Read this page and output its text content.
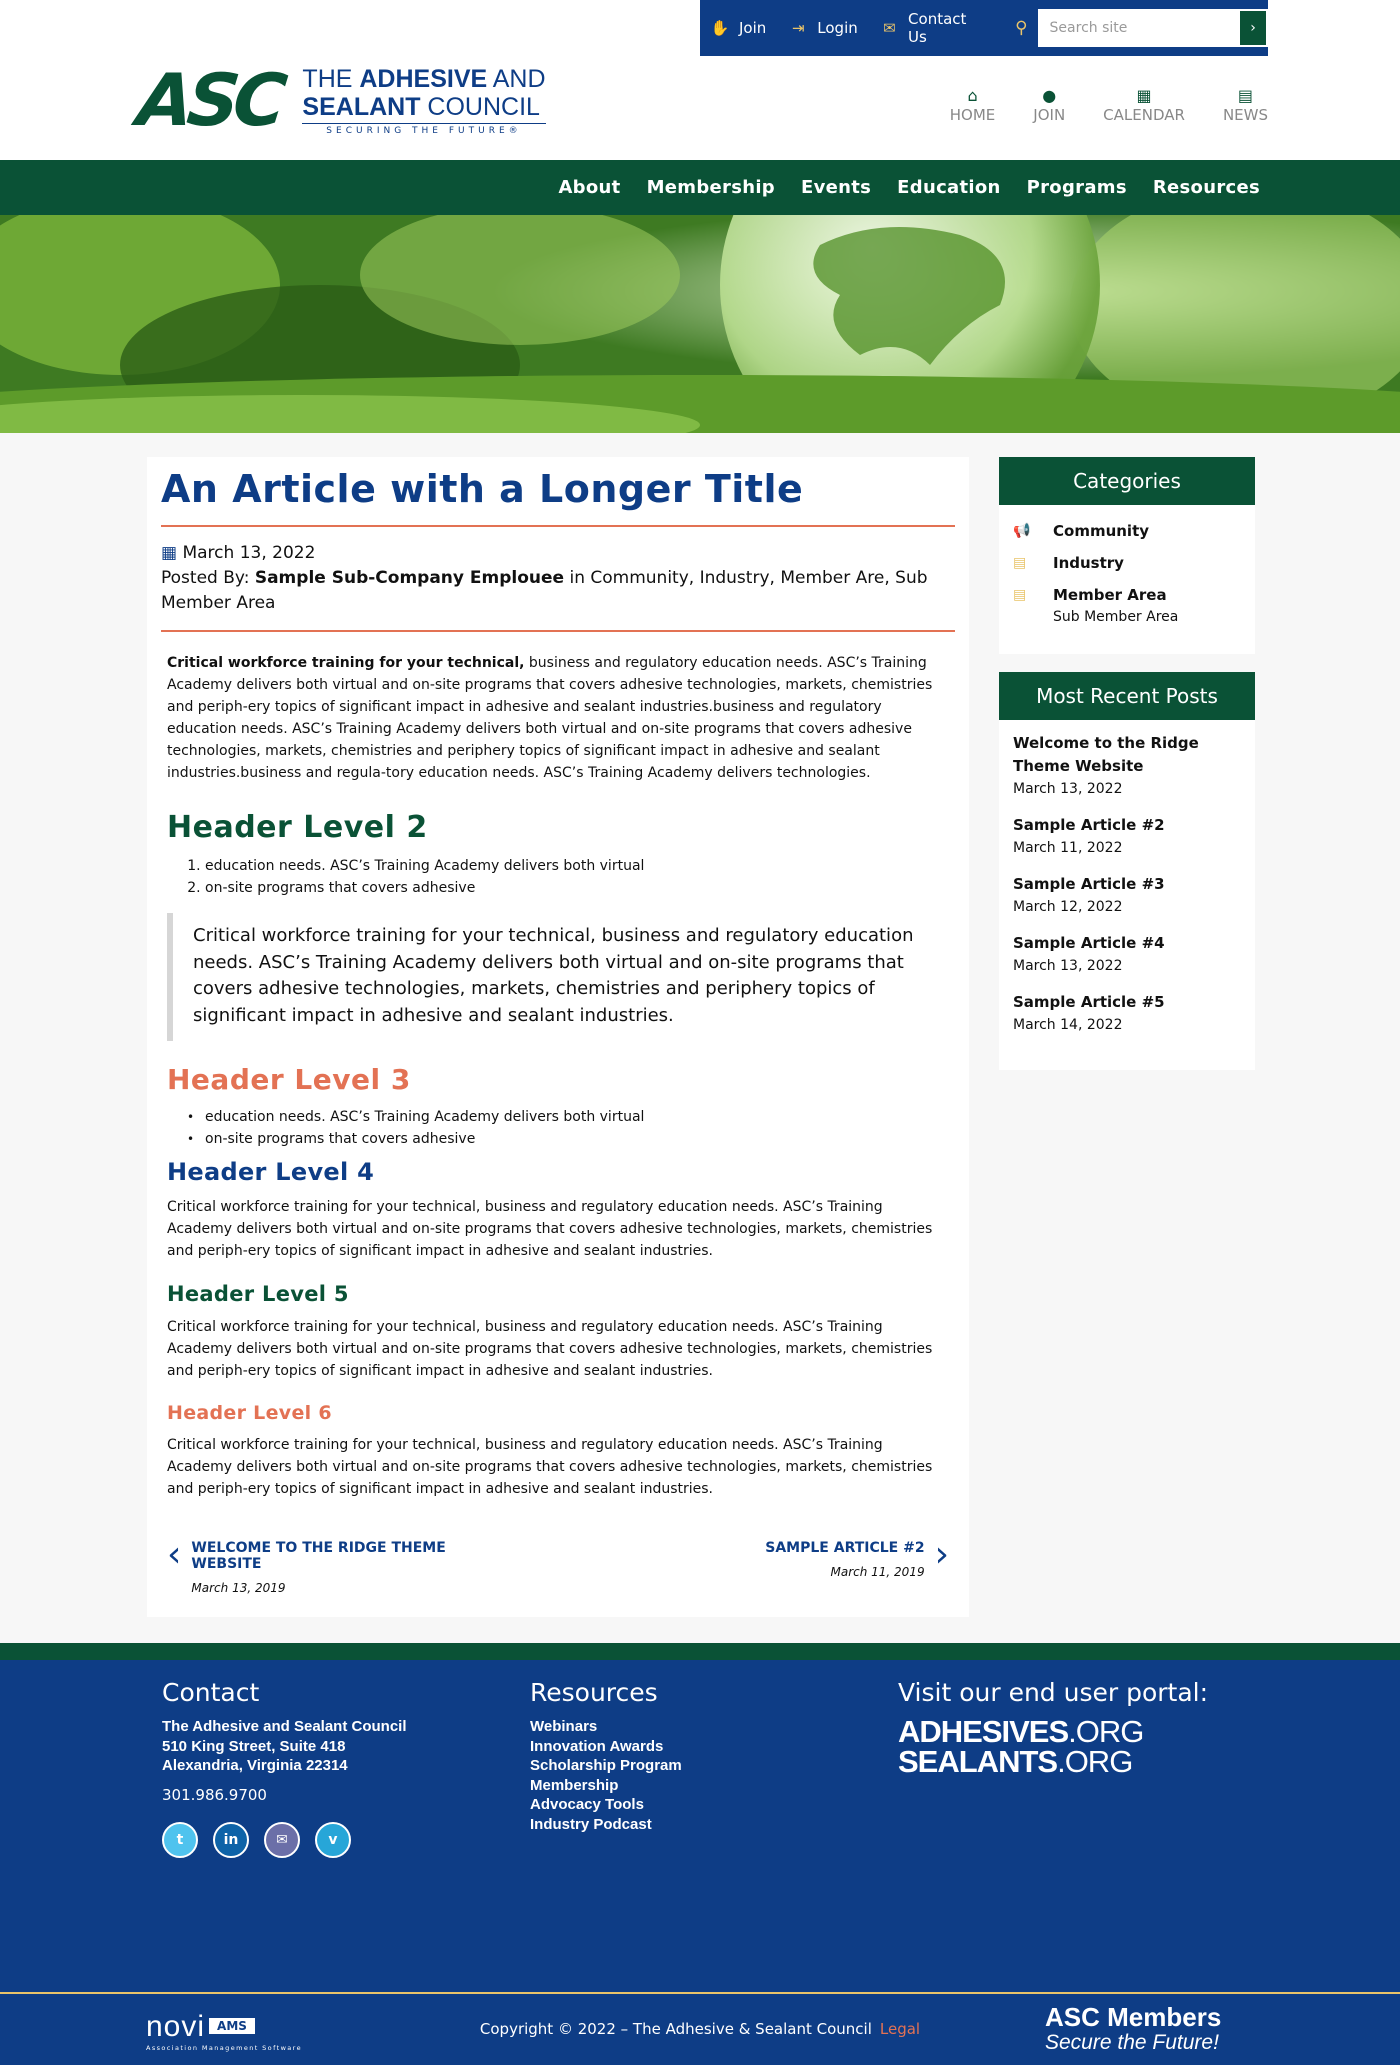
✋ Join ⇥ Login ✉ Contact Us	⚲
Search site	›
ASC THE ADHESIVE AND
SEALANT COUNCIL
SECURING THE FUTURE®
⌂
HOME
●
JOIN
▦
CALENDAR
▤
NEWS
About Membership Events Education Programs Resources
An Article with a Longer Title
▦ March 13, 2022
Posted By: Sample Sub-Company Emplouee in Community, Industry, Member Are, Sub Member Area

Critical workforce training for your technical, business and regulatory education needs. ASC’s Training Academy delivers both virtual and on-site programs that covers adhesive technologies, markets, chemistries and periph-ery topics of significant impact in adhesive and sealant industries.business and regulatory education needs. ASC’s Training Academy delivers both virtual and on-site programs that covers adhesive technologies, markets, chemistries and periphery topics of significant impact in adhesive and sealant industries.business and regula-tory education needs. ASC’s Training Academy delivers technologies.

Header Level 2
1. education needs. ASC’s Training Academy delivers both virtual
2. on-site programs that covers adhesive
Critical workforce training for your technical, business and regulatory education needs. ASC’s Training Academy delivers both virtual and on-site programs that covers adhesive technologies, markets, chemistries and periphery topics of significant impact in adhesive and sealant industries.
Header Level 3
• education needs. ASC’s Training Academy delivers both virtual
• on-site programs that covers adhesive
Header Level 4

Critical workforce training for your technical, business and regulatory education needs. ASC’s Training Academy delivers both virtual and on-site programs that covers adhesive technologies, markets, chemistries and periph-ery topics of significant impact in adhesive and sealant industries.

Header Level 5

Critical workforce training for your technical, business and regulatory education needs. ASC’s Training Academy delivers both virtual and on-site programs that covers adhesive technologies, markets, chemistries and periph-ery topics of significant impact in adhesive and sealant industries.

Header Level 6

Critical workforce training for your technical, business and regulatory education needs. ASC’s Training Academy delivers both virtual and on-site programs that covers adhesive technologies, markets, chemistries and periph-ery topics of significant impact in adhesive and sealant industries.

‹ WELCOME TO THE RIDGE THEME WEBSITE
March 13, 2019
SAMPLE ARTICLE #2
March 11, 2019 ›
Categories
📢	Community
▤	Industry
▤	Member Area
Sub Member Area
Most Recent Posts
Welcome to the Ridge Theme Website
March 13, 2022
Sample Article #2
March 11, 2022
Sample Article #3
March 12, 2022
Sample Article #4
March 13, 2022
Sample Article #5
March 14, 2022
Contact
The Adhesive and Sealant Council
510 King Street, Suite 418
Alexandria, Virginia 22314
301.986.9700
t	in	✉	v
Resources
Webinars
Innovation Awards
Scholarship Program
Membership
Advocacy Tools
Industry Podcast
Visit our end user portal:
ADHESIVES.ORG
SEALANTS.ORG
novi AMS
Association Management Software
Copyright © 2022 – The Adhesive & Sealant Council Legal	ASC Members
Secure the Future!
